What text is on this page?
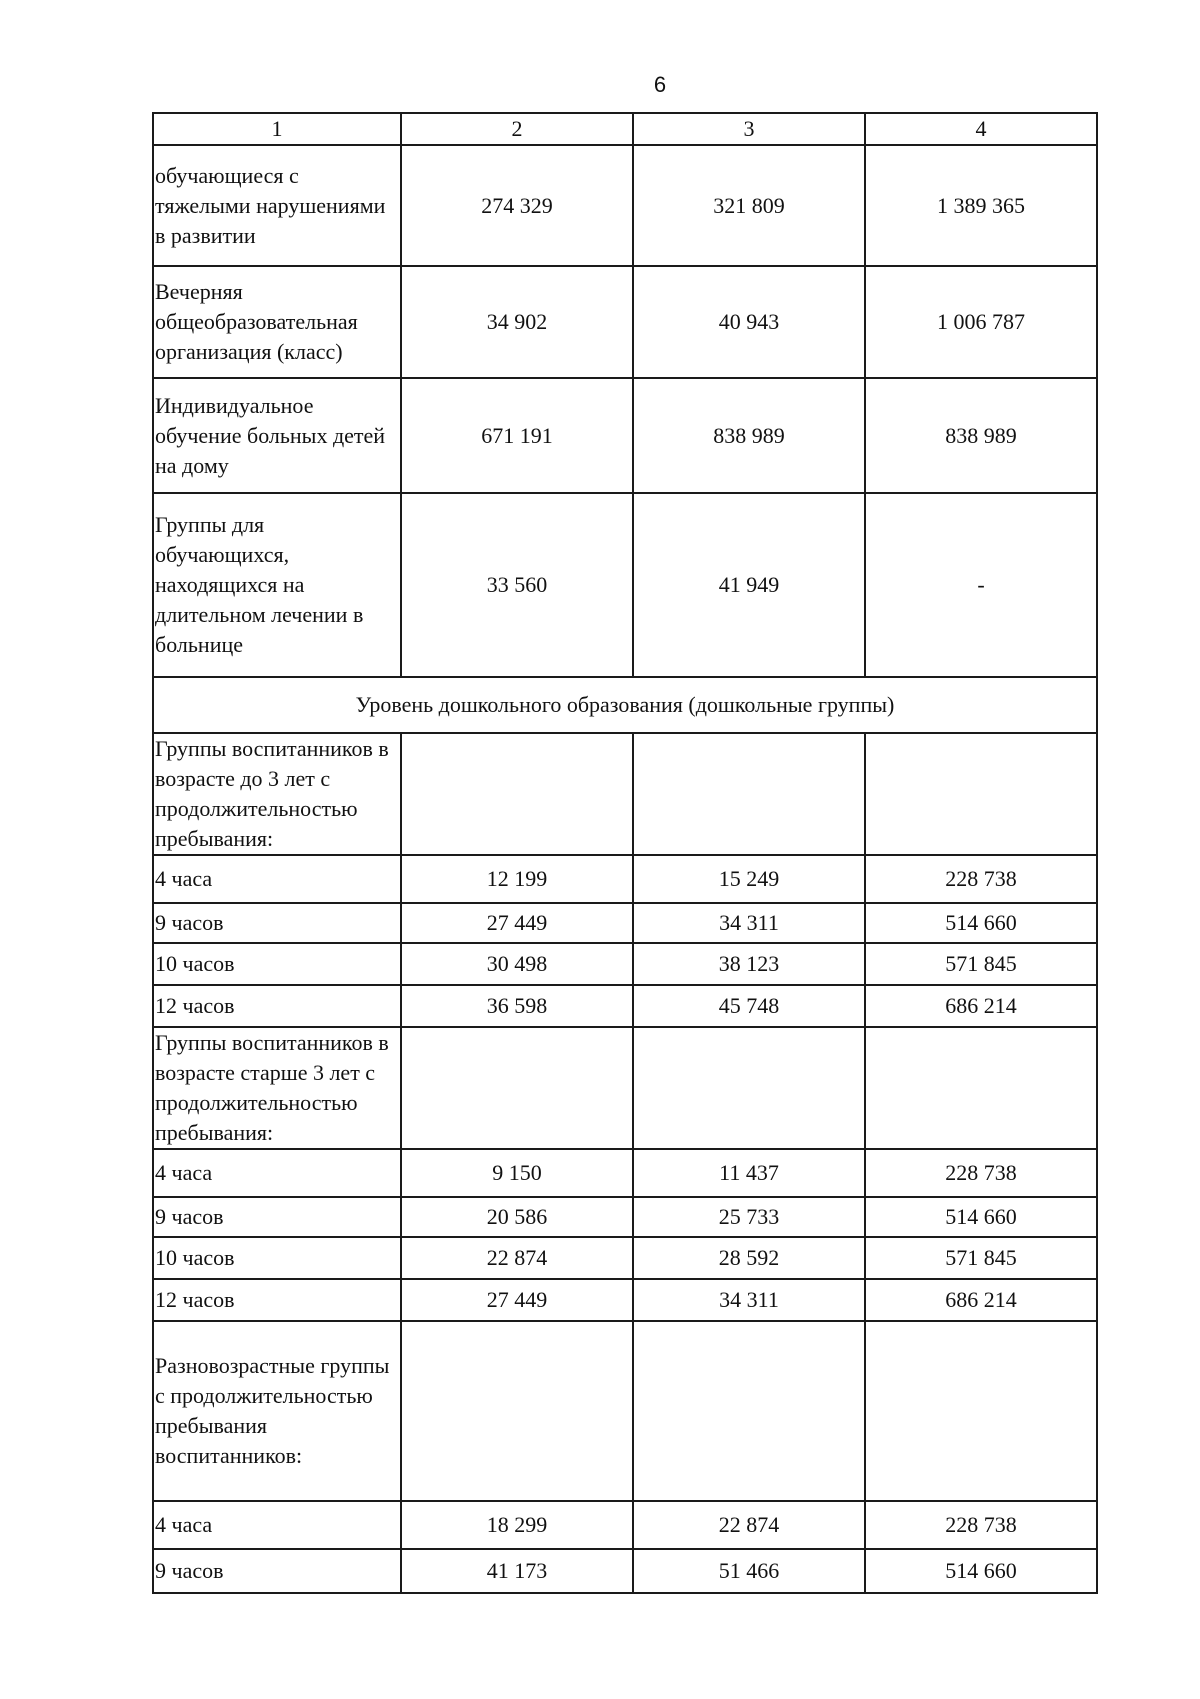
6
1	2	3	4
обучающиеся с тяжелыми нарушениями в развитии	274 329	321 809	1 389 365
Вечерняя общеобразовательная организация (класс)	34 902	40 943	1 006 787
Индивидуальное обучение больных детей на дому	671 191	838 989	838 989
Группы для обучающихся, находящихся на длительном лечении в больнице	33 560	41 949	-
Уровень дошкольного образования (дошкольные группы)			
Группы воспитанников в возрасте до 3 лет с продолжительностью пребывания:			
4 часа	12 199	15 249	228 738
9 часов	27 449	34 311	514 660
10 часов	30 498	38 123	571 845
12 часов	36 598	45 748	686 214
Группы воспитанников в возрасте старше 3 лет с продолжительностью пребывания:			
4 часа	9 150	11 437	228 738
9 часов	20 586	25 733	514 660
10 часов	22 874	28 592	571 845
12 часов	27 449	34 311	686 214
Разновозрастные группы с продолжительностью пребывания воспитанников:			
4 часа	18 299	22 874	228 738
9 часов	41 173	51 466	514 660
